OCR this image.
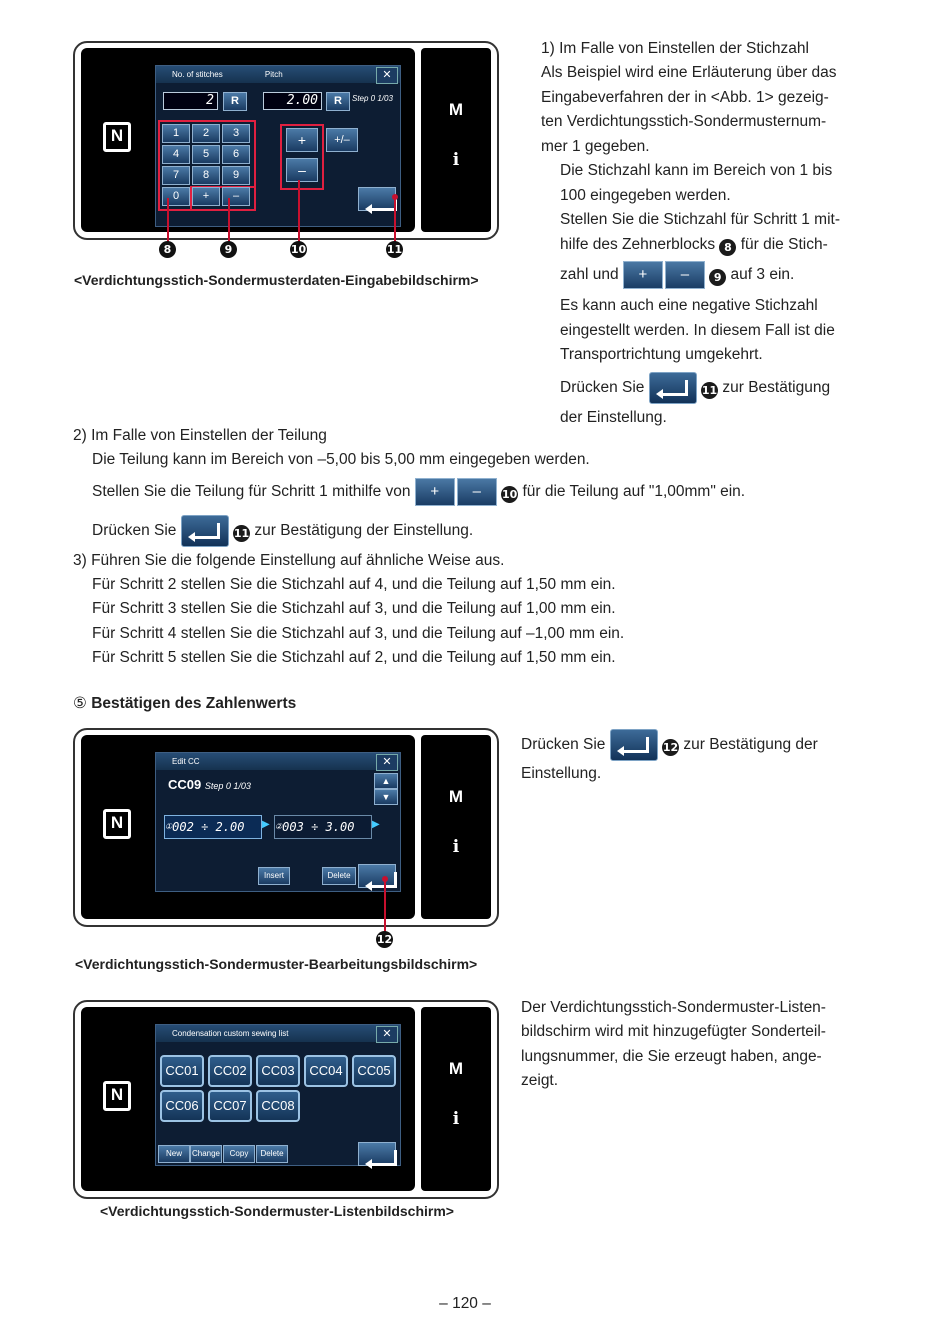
N
No. of stitches	Pitch	✕
2	R	2.00	R	Step 0 1/03
+
–
+/–
1	2	3
4	5	6
7	8	9
0	+	–
M
i
8	9	10	11
<Verdichtungsstich-Sondermusterdaten-Eingabebildschirm>
1) Im Falle von Einstellen der Stichzahl
Als Beispiel wird eine Erläuterung über das
Eingabeverfahren der in <Abb. 1> gezeig-
ten Verdichtungsstich-Sondermusternum-
mer 1 gegeben.
Die Stichzahl kann im Bereich von 1 bis
100 eingegeben werden.
Stellen Sie die Stichzahl für Schritt 1 mit-
hilfe des Zehnerblocks 8 für die Stich-
zahl und	+	–	9 auf 3 ein.
Es kann auch eine negative Stichzahl
eingestellt werden. In diesem Fall ist die
Transportrichtung umgekehrt.
Drücken Sie	11 zur Bestätigung
der Einstellung.
2) Im Falle von Einstellen der Teilung
Die Teilung kann im Bereich von –5,00 bis 5,00 mm eingegeben werden.
Stellen Sie die Teilung für Schritt 1 mithilfe von	+	–	10 für die Teilung auf "1,00mm" ein.
Drücken Sie	11 zur Bestätigung der Einstellung.
3) Führen Sie die folgende Einstellung auf ähnliche Weise aus.
Für Schritt 2 stellen Sie die Stichzahl auf 4, und die Teilung auf 1,50 mm ein.
Für Schritt 3 stellen Sie die Stichzahl auf 3, und die Teilung auf 1,00 mm ein.
Für Schritt 4 stellen Sie die Stichzahl auf 3, und die Teilung auf –1,00 mm ein.
Für Schritt 5 stellen Sie die Stichzahl auf 2, und die Teilung auf 1,50 mm ein.
⑤ Bestätigen des Zahlenwerts
N
Edit CC	✕
CC09 Step 0 1/03	▲
▼
①002 ÷ 2.00	▶ ②003 ÷ 3.00	▶
Insert	Delete
M
i
12
<Verdichtungsstich-Sondermuster-Bearbeitungsbildschirm>
Drücken Sie	12 zur Bestätigung der
Einstellung.
N
Condensation custom sewing list	✕
New	Change	Copy	Delete
CC01	CC02	CC03	CC04	CC05
CC06	CC07	CC08
M
i
<Verdichtungsstich-Sondermuster-Listenbildschirm>
Der Verdichtungsstich-Sondermuster-Listen-
bildschirm wird mit hinzugefügter Sonderteil-
lungsnummer, die Sie erzeugt haben, ange-
zeigt.
– 120 –
